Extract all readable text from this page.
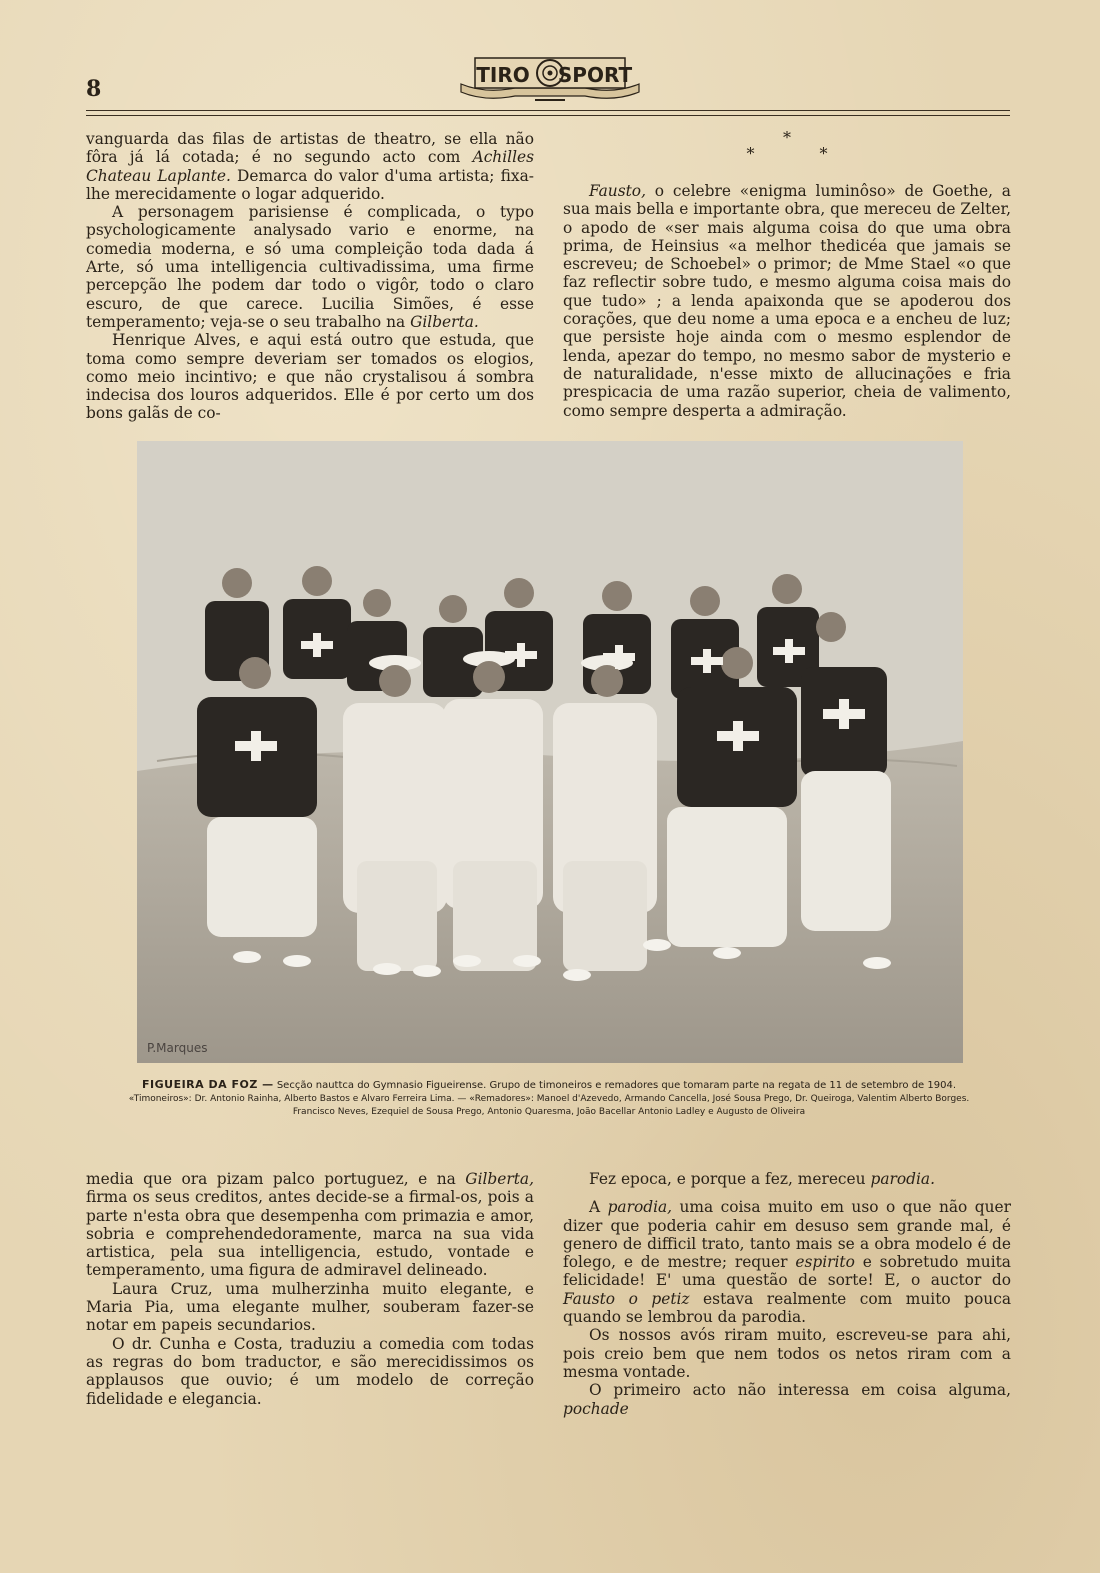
8
TIRO SPORT

vanguarda das filas de artistas de theatro, se ella não fôra já lá cotada; é no segundo acto com Achilles Chateau Laplante. Demarca do valor d'uma artista; fixa-lhe merecidamente o logar adquerido.

A personagem parisiense é complicada, o typo psychologicamente analysado vario e enorme, na comedia moderna, e só uma compleição toda dada á Arte, só uma intelligencia cultivadissima, uma firme percepção lhe podem dar todo o vigôr, todo o claro escuro, de que carece. Lucilia Simões, é esse temperamento; veja-se o seu trabalho na Gilberta.

Henrique Alves, e aqui está outro que estuda, que toma como sempre deveriam ser tomados os elogios, como meio incintivo; e que não crystalisou á sombra indecisa dos louros adqueridos. Elle é por certo um dos bons galãs de co-

*
* *

Fausto, o celebre «enigma luminôso» de Goethe, a sua mais bella e importante obra, que mereceu de Zelter, o apodo de «ser mais alguma coisa do que uma obra prima, de Heinsius «a melhor thedicéa que jamais se escreveu; de Schoebel» o primor; de Mme Stael «o que faz reflectir sobre tudo, e mesmo alguma coisa mais do que tudo» ; a lenda apaixonda que se apoderou dos corações, que deu nome a uma epoca e a encheu de luz; que persiste hoje ainda com o mesmo esplendor de lenda, apezar do tempo, no mesmo sabor de mysterio e de naturalidade, n'esse mixto de allucinações e fria prespicacia de uma razão superior, cheia de valimento, como sempre desperta a admiração.

P.Marques
FIGUEIRA DA FOZ — Secção nauttca do Gymnasio Figueirense. Grupo de timoneiros e remadores que tomaram parte na regata de 11 de setembro de 1904.
«Timoneiros»: Dr. Antonio Rainha, Alberto Bastos e Alvaro Ferreira Lima. — «Remadores»: Manoel d'Azevedo, Armando Cancella, José Sousa Prego, Dr. Queiroga, Valentim Alberto Borges.
Francisco Neves, Ezequiel de Sousa Prego, Antonio Quaresma, João Bacellar Antonio Ladley e Augusto de Oliveira

media que ora pizam palco portuguez, e na Gilberta, firma os seus creditos, antes decide-se a firmal-os, pois a parte n'esta obra que desempenha com primazia e amor, sobria e comprehendedoramente, marca na sua vida artistica, pela sua intelligencia, estudo, vontade e temperamento, uma figura de admiravel delineado.

Laura Cruz, uma mulherzinha muito elegante, e Maria Pia, uma elegante mulher, souberam fazer-se notar em papeis secundarios.

O dr. Cunha e Costa, traduziu a comedia com todas as regras do bom traductor, e são merecidissimos os applausos que ouvio; é um modelo de correção fidelidade e elegancia.

Fez epoca, e porque a fez, mereceu parodia.

A parodia, uma coisa muito em uso o que não quer dizer que poderia cahir em desuso sem grande mal, é genero de difficil trato, tanto mais se a obra modelo é de folego, e de mestre; requer espirito e sobretudo muita felicidade! E' uma questão de sorte! E, o auctor do Fausto o petiz estava realmente com muito pouca quando se lembrou da parodia.

Os nossos avós riram muito, escreveu-se para ahi, pois creio bem que nem todos os netos riram com a mesma vontade.

O primeiro acto não interessa em coisa alguma, pochade
